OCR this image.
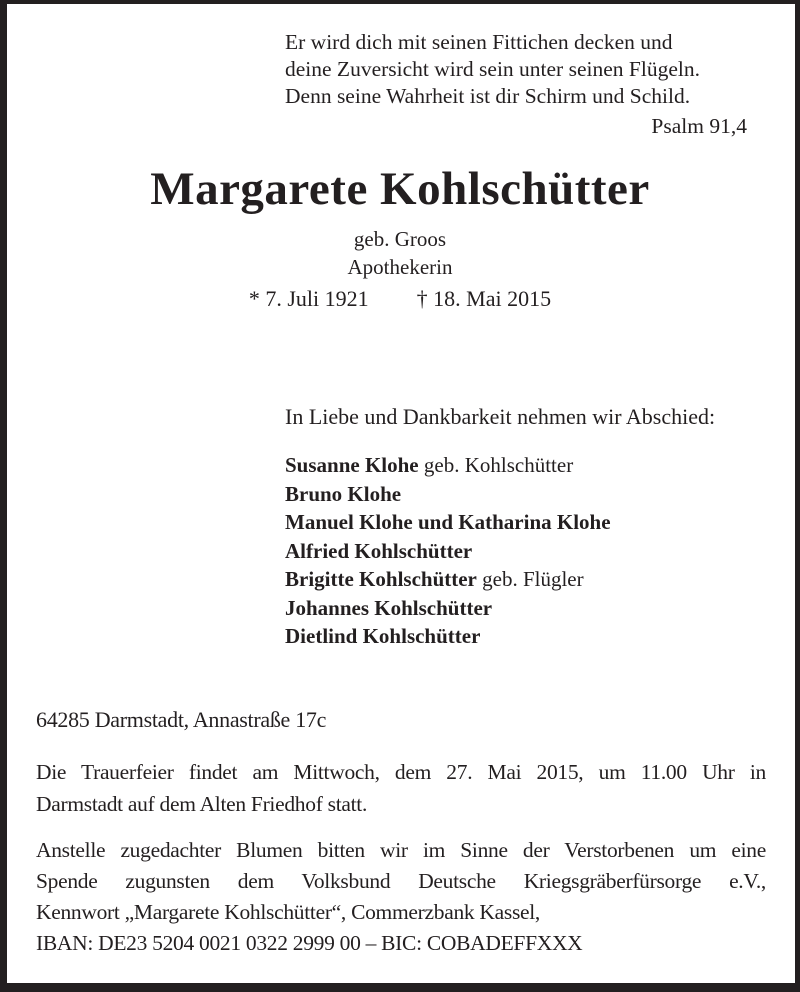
Er wird dich mit seinen Fittichen decken und
deine Zuversicht wird sein unter seinen Flügeln.
Denn seine Wahrheit ist dir Schirm und Schild.
Psalm 91,4
Margarete Kohlschütter
geb. Groos
Apothekerin
* 7. Juli 1921 † 18. Mai 2015
In Liebe und Dankbarkeit nehmen wir Abschied:
Susanne Klohe geb. Kohlschütter
Bruno Klohe
Manuel Klohe und Katharina Klohe
Alfried Kohlschütter
Brigitte Kohlschütter geb. Flügler
Johannes Kohlschütter
Dietlind Kohlschütter
64285 Darmstadt, Annastraße 17c
Die Trauerfeier findet am Mittwoch, dem 27. Mai 2015, um 11.00 Uhr in
Darmstadt auf dem Alten Friedhof statt.
Anstelle zugedachter Blumen bitten wir im Sinne der Verstorbenen um eine
Spende zugunsten dem Volksbund Deutsche Kriegsgräberfürsorge e.V.,
Kennwort „Margarete Kohlschütter“, Commerzbank Kassel,
IBAN: DE23 5204 0021 0322 2999 00 – BIC: COBADEFFXXX
